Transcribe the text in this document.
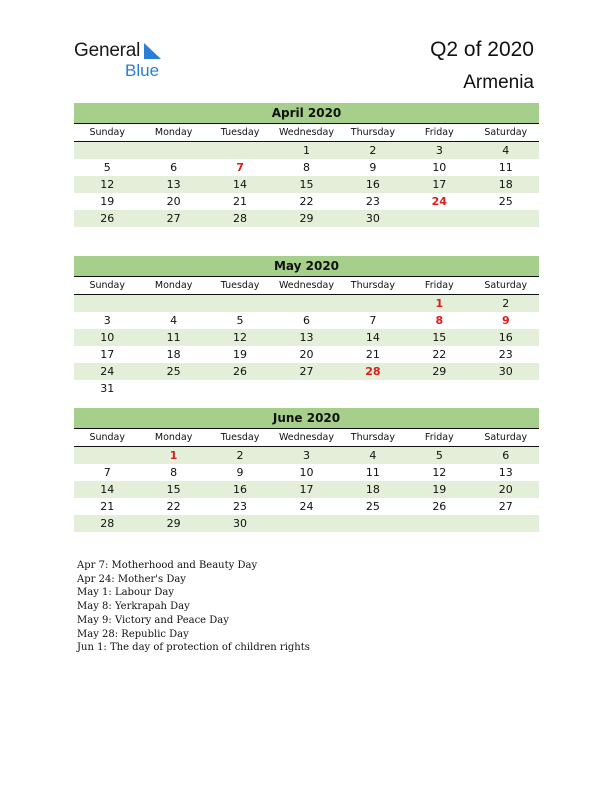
General
Blue
Q2 of 2020
Armenia
April 2020
Sunday	Monday	Tuesday	Wednesday	Thursday	Friday	Saturday
			1	2	3	4
5	6	7	8	9	10	11
12	13	14	15	16	17	18
19	20	21	22	23	24	25
26	27	28	29	30		
May 2020
Sunday	Monday	Tuesday	Wednesday	Thursday	Friday	Saturday
					1	2
3	4	5	6	7	8	9
10	11	12	13	14	15	16
17	18	19	20	21	22	23
24	25	26	27	28	29	30
31						
June 2020
Sunday	Monday	Tuesday	Wednesday	Thursday	Friday	Saturday
	1	2	3	4	5	6
7	8	9	10	11	12	13
14	15	16	17	18	19	20
21	22	23	24	25	26	27
28	29	30				
Apr 7: Motherhood and Beauty Day
Apr 24: Mother's Day
May 1: Labour Day
May 8: Yerkrapah Day
May 9: Victory and Peace Day
May 28: Republic Day
Jun 1: The day of protection of children rights
